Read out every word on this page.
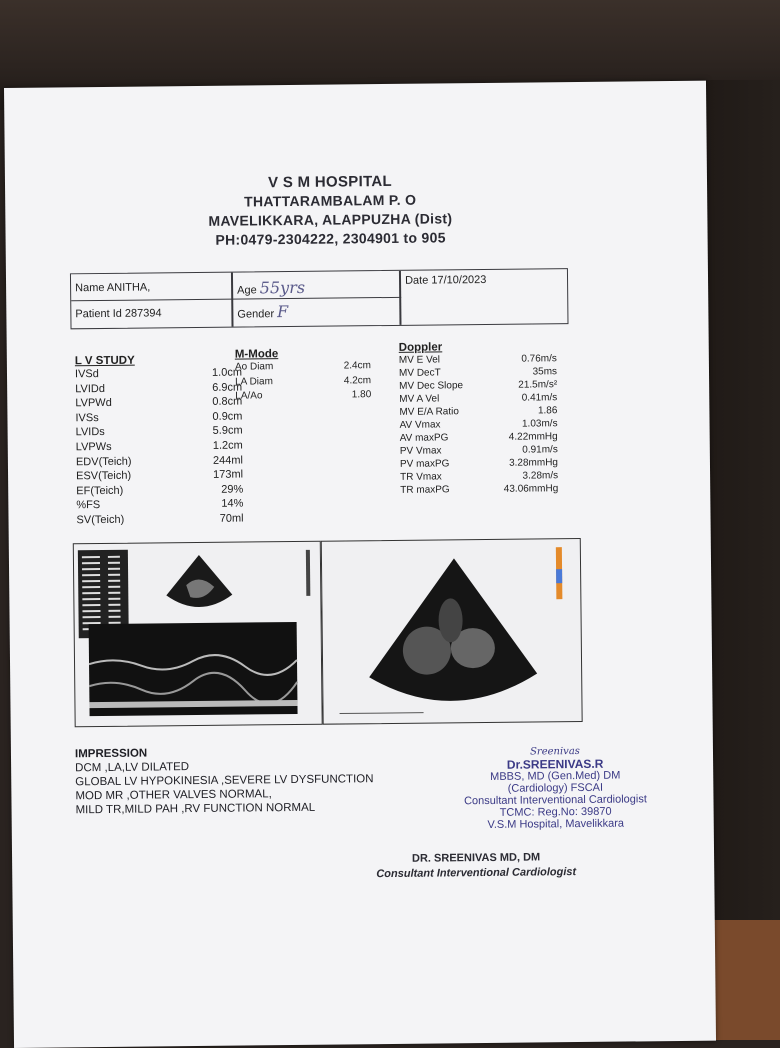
V S M HOSPITAL
THATTARAMBALAM P. O
MAVELIKKARA, ALAPPUZHA (Dist)
PH:0479-2304222, 2304901 to 905
Name ANITHA,
Patient Id 287394
Age 55yrs
Gender F
Date 17/10/2023
L V STUDY
IVSd	1.0cm
LVIDd	6.9cm
LVPWd	0.8cm
IVSs	0.9cm
LVIDs	5.9cm
LVPWs	1.2cm
EDV(Teich)	244ml
ESV(Teich)	173ml
EF(Teich)	29%
%FS	14%
SV(Teich)	70ml
M-Mode
Ao Diam	2.4cm
LA Diam	4.2cm
LA/Ao	1.80
Doppler
MV E Vel	0.76m/s
MV DecT	35ms
MV Dec Slope	21.5m/s²
MV A Vel	0.41m/s
MV E/A Ratio	1.86
AV Vmax	1.03m/s
AV maxPG	4.22mmHg
PV Vmax	0.91m/s
PV maxPG	3.28mmHg
TR Vmax	3.28m/s
TR maxPG	43.06mmHg
IMPRESSION
DCM ,LA,LV DILATED
GLOBAL LV HYPOKINESIA ,SEVERE LV DYSFUNCTION
MOD MR ,OTHER VALVES NORMAL,
MILD TR,MILD PAH ,RV FUNCTION NORMAL
Sreenivas
Dr.SREENIVAS.R
MBBS, MD (Gen.Med) DM
(Cardiology) FSCAI
Consultant Interventional Cardiologist
TCMC: Reg.No: 39870
V.S.M Hospital, Mavelikkara
DR. SREENIVAS MD, DM
Consultant Interventional Cardiologist
